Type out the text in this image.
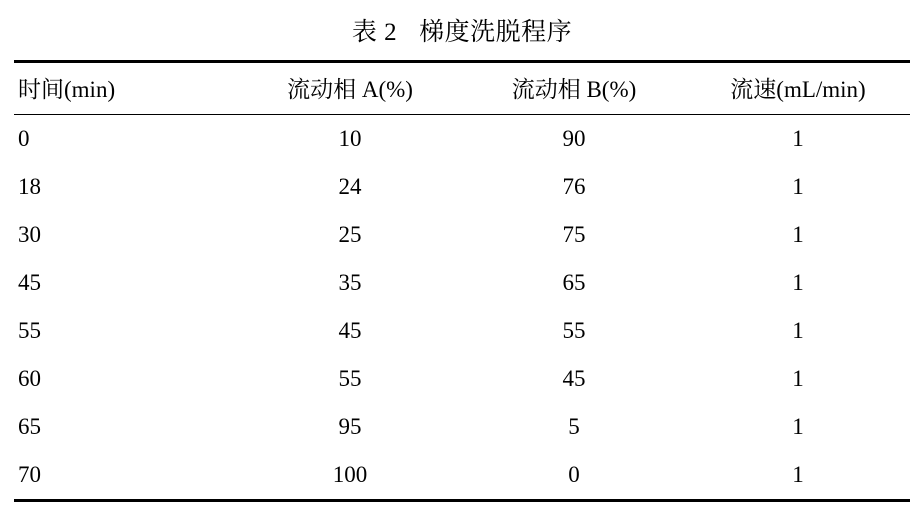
表 2 梯度洗脱程序
时间(min)	流动相 A(%)	流动相 B(%)	流速(mL/min)
0	10	90	1
18	24	76	1
30	25	75	1
45	35	65	1
55	45	55	1
60	55	45	1
65	95	5	1
70	100	0	1
